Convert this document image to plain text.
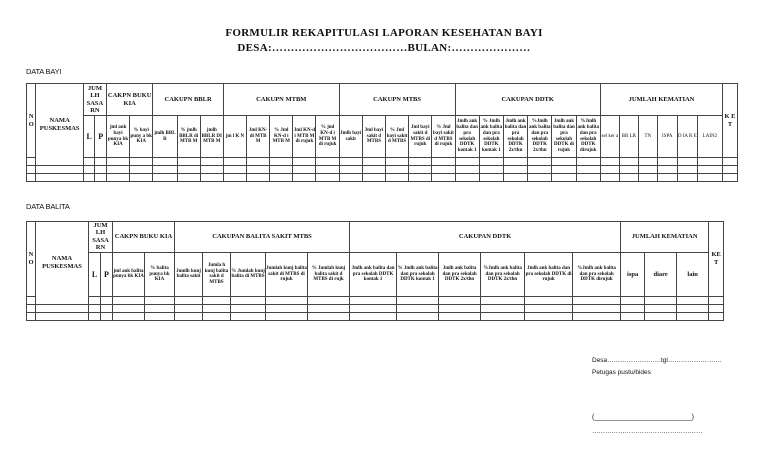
FORMULIR REKAPITULASI LAPORAN KESEHATAN BAYI
DESA:………………………………BULAN:…………………
DATA BAYI
N O	NAMA PUSKESMAS	JUM LH SASA RN		CAKPN BUKU KIA		CAKUPN BBLR			CAKUPN MTBM					CAKUPN MTBS					CAKUPAN DDTK						JUMLAH KEMATIAN						K E T
		L	P	jml ank bayi punya bk KIA	% bayi puny a bk KIA	jmlh BBL R	% jmlh BBLR di MTB M	jmlh BBLR DI MTB M	jm l K N	Jml KN-di MTB M	% Jml KN-d i MTB M	Jml KN-d i MTB M di rujuk	% jml KN-d i MTB M di rujuk	Jmlh bayi sakit	Jml bayi sakit d MTBS	% Jml bayi sakit d MTBS	Jml bayi sakit d MTBS di rujuk	% Jml bayi sakit d MTBS di rujuk	Jmlh ank balita dan pra sekolah DDTK kontak 1	% Jmlh ank balita dan pra sekolah DDTK kontak 1	Jmlh ank balita dan pra sekolah DDTK 2x/thn	%Jmlh ank balita dan pra sekolah DDTK 2x/thn	Jmlh ank balita dan pra sekolah DDTK di rujuk	%Jmlh ank balita dan pra sekolah DDTK dirujuk	sel ker a	BB LR	TN	ISPA	D IA R E	LAIN2	

DATA BALITA
N O	NAMA PUSKESMAS	JUM LH SASA RN		CAKPN BUKU KIA		CAKUPAN BALITA SAKIT MTBS					CAKUPAN DDTK						JUMLAH KEMATIAN			KE T
		L	P	jml ank balita punya bk KIA	% balita punya bk KIA	Jumlh kunj balita sakit	Jumla h kunj balita sakit d MTBS	% Jumlah kunj balita di MTBS	Jumlah kunj balita sakit di MTBS di rujuk	% Jumlah kunj balita sakit d MTBS di rujk	Jmlh ank balita dan pra sekolah DDTK kontak 1	% Jmlh ank balita dan pra sekolah DDTK kontak 1	Jmlh ank balita dan pra sekolah DDTK 2x/thn	%Jmlh ank balita dan pra sekolah DDTK 2x/thn	Jmlh ank balita dan pra sekolah DDTK di rujuk	%Jmlh ank balita dan pra sekolah DDTK dirujuk	ispa	diare	lain	

Desa…………………….tgl…………………….
Petugas pustu/bides
(_________________________)
……………………………………………
